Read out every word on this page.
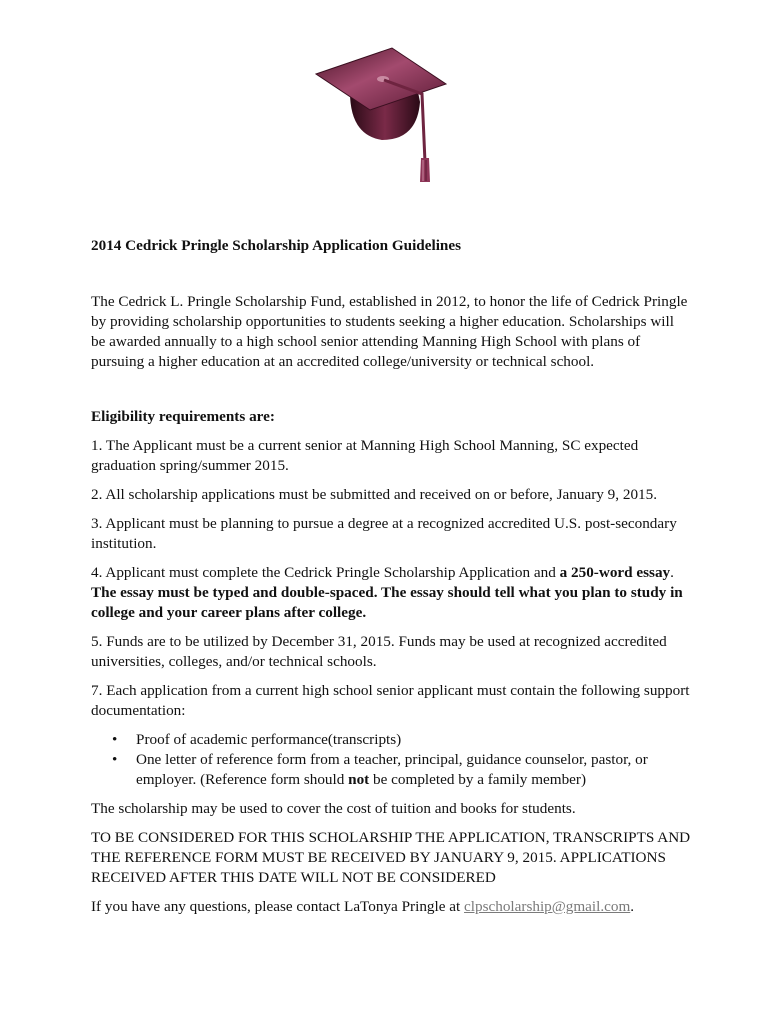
2014 Cedrick Pringle Scholarship Application Guidelines

The Cedrick L. Pringle Scholarship Fund, established in 2012, to honor the life of Cedrick Pringle by providing scholarship opportunities to students seeking a higher education. Scholarships will be awarded annually to a high school senior attending Manning High School with plans of pursuing a higher education at an accredited college/university or technical school.

Eligibility requirements are:

1. The Applicant must be a current senior at Manning High School Manning, SC expected graduation spring/summer 2015.

2. All scholarship applications must be submitted and received on or before, January 9, 2015.

3. Applicant must be planning to pursue a degree at a recognized accredited U.S. post-secondary institution.

4. Applicant must complete the Cedrick Pringle Scholarship Application and a 250-word essay. The essay must be typed and double-spaced. The essay should tell what you plan to study in college and your career plans after college.

5. Funds are to be utilized by December 31, 2015. Funds may be used at recognized accredited universities, colleges, and/or technical schools.

7. Each application from a current high school senior applicant must contain the following support documentation:

• Proof of academic performance(transcripts)
• One letter of reference form from a teacher, principal, guidance counselor, pastor, or employer. (Reference form should not be completed by a family member)

The scholarship may be used to cover the cost of tuition and books for students.

TO BE CONSIDERED FOR THIS SCHOLARSHIP THE APPLICATION, TRANSCRIPTS AND THE REFERENCE FORM MUST BE RECEIVED BY JANUARY 9, 2015. APPLICATIONS RECEIVED AFTER THIS DATE WILL NOT BE CONSIDERED

If you have any questions, please contact LaTonya Pringle at clpscholarship@gmail.com.
